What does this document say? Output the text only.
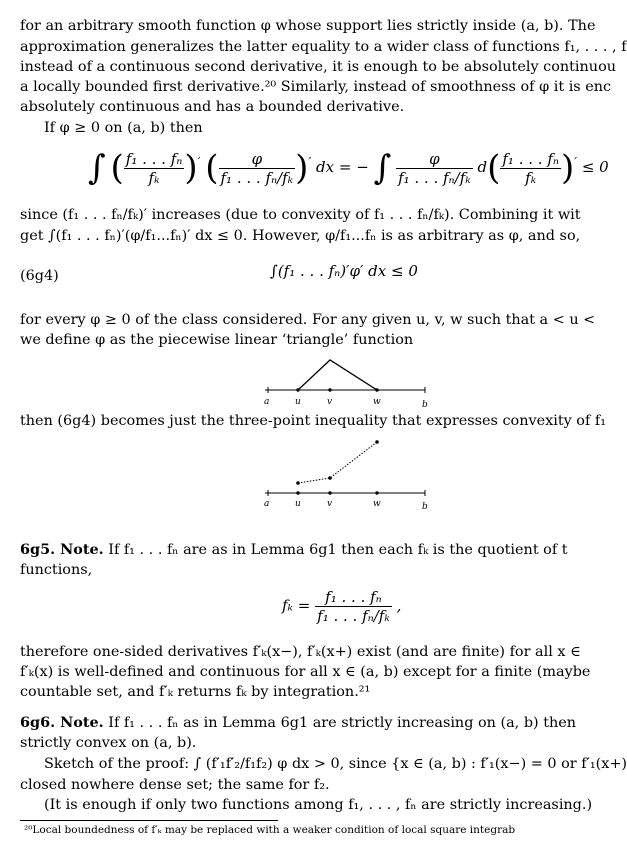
for an arbitrary smooth function φ whose support lies strictly inside (a, b). The
approximation generalizes the latter equality to a wider class of functions f₁, . . . , f
instead of a continuous second derivative, it is enough to be absolutely continuou
a locally bounded first derivative.²⁰ Similarly, instead of smoothness of φ it is enc
absolutely continuous and has a bounded derivative.
If φ ≥ 0 on (a, b) then
∫ ( $\frac{\text{f₁ . . . fₙ}}{\text{fₖ}} )'$ ( $\frac{\varphi}{\text{f₁ . . . fₙ/fₖ}} )'$ dx = − ∫ $\frac{\varphi}{\text{f₁ . . . fₙ/fₖ}} d( \frac{\text{f₁ . . . fₙ}}{\text{fₖ}} )' \le 0$
since (f₁ . . . fₙ/fₖ)′ increases (due to convexity of f₁ . . . fₙ/fₖ). Combining it wit
get ∫(f₁ . . . fₙ)′(φ/f₁...fₙ)′ dx ≤ 0. However, φ/f₁...fₙ is as arbitrary as φ, and so,
(6g4)	∫(f₁ . . . fₙ)′φ′ dx ≤ 0
for every φ ≥ 0 of the class considered. For any given u, v, w such that a < u <
we define φ as the piecewise linear ‘triangle’ function
a	u	v	w	b
then (6g4) becomes just the three-point inequality that expresses convexity of f₁
a	u	v	w	b
6g5. Note. If f₁ . . . fₙ are as in Lemma 6g1 then each fₖ is the quotient of t
functions,
$f_k = \frac{\text{f₁ . . . fₙ}}{\text{f₁ . . . fₙ/fₖ}}$ ,
therefore one-sided derivatives f′ₖ(x−), f′ₖ(x+) exist (and are finite) for all x ∈
f′ₖ(x) is well-defined and continuous for all x ∈ (a, b) except for a finite (maybe
countable set, and f′ₖ returns fₖ by integration.²¹
6g6. Note. If f₁ . . . fₙ as in Lemma 6g1 are strictly increasing on (a, b) then
strictly convex on (a, b).
Sketch of the proof: ∫ (f′₁f′₂/f₁f₂) φ dx > 0, since {x ∈ (a, b) : f′₁(x−) = 0 or f′₁(x+)
closed nowhere dense set; the same for f₂.
(It is enough if only two functions among f₁, . . . , fₙ are strictly increasing.)
²⁰Local boundedness of f′ₖ may be replaced with a weaker condition of local square integrab
